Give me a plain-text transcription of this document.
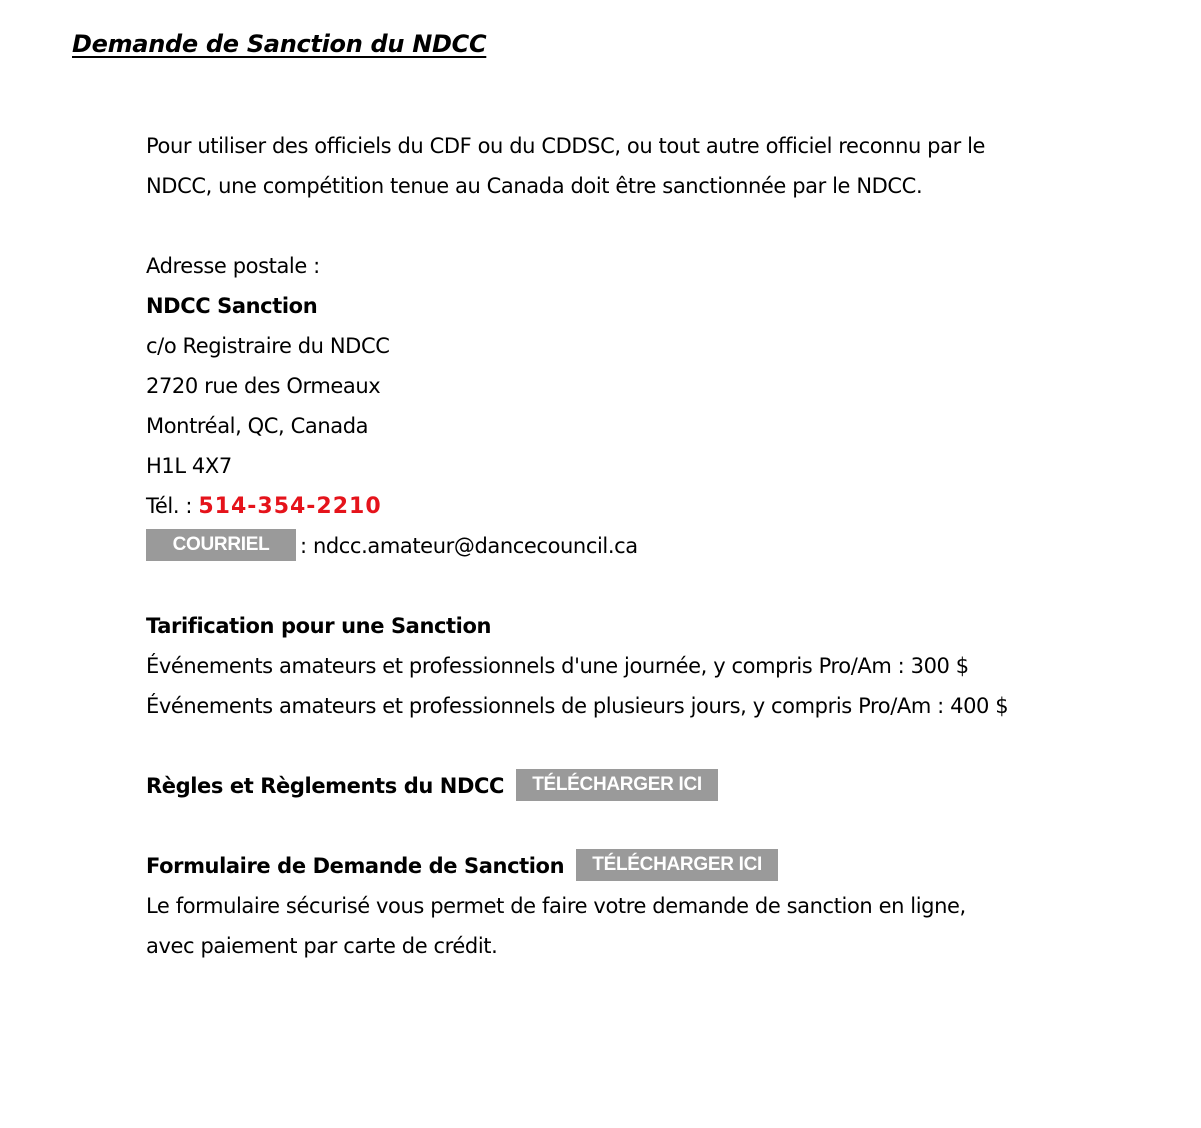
Demande de Sanction du NDCC
Pour utiliser des officiels du CDF ou du CDDSC, ou tout autre officiel reconnu par le
NDCC, une compétition tenue au Canada doit être sanctionnée par le NDCC.
Adresse postale :
NDCC Sanction
c/o Registraire du NDCC
2720 rue des Ormeaux
Montréal, QC, Canada
H1L 4X7
Tél. : 514-354-2210
COURRIEL : ndcc.amateur@dancecouncil.ca
Tarification pour une Sanction
Événements amateurs et professionnels d'une journée, y compris Pro/Am : 300 $
Événements amateurs et professionnels de plusieurs jours, y compris Pro/Am : 400 $
Règles et Règlements du NDCC TÉLÉCHARGER ICI
Formulaire de Demande de Sanction TÉLÉCHARGER ICI
Le formulaire sécurisé vous permet de faire votre demande de sanction en ligne,
avec paiement par carte de crédit.
